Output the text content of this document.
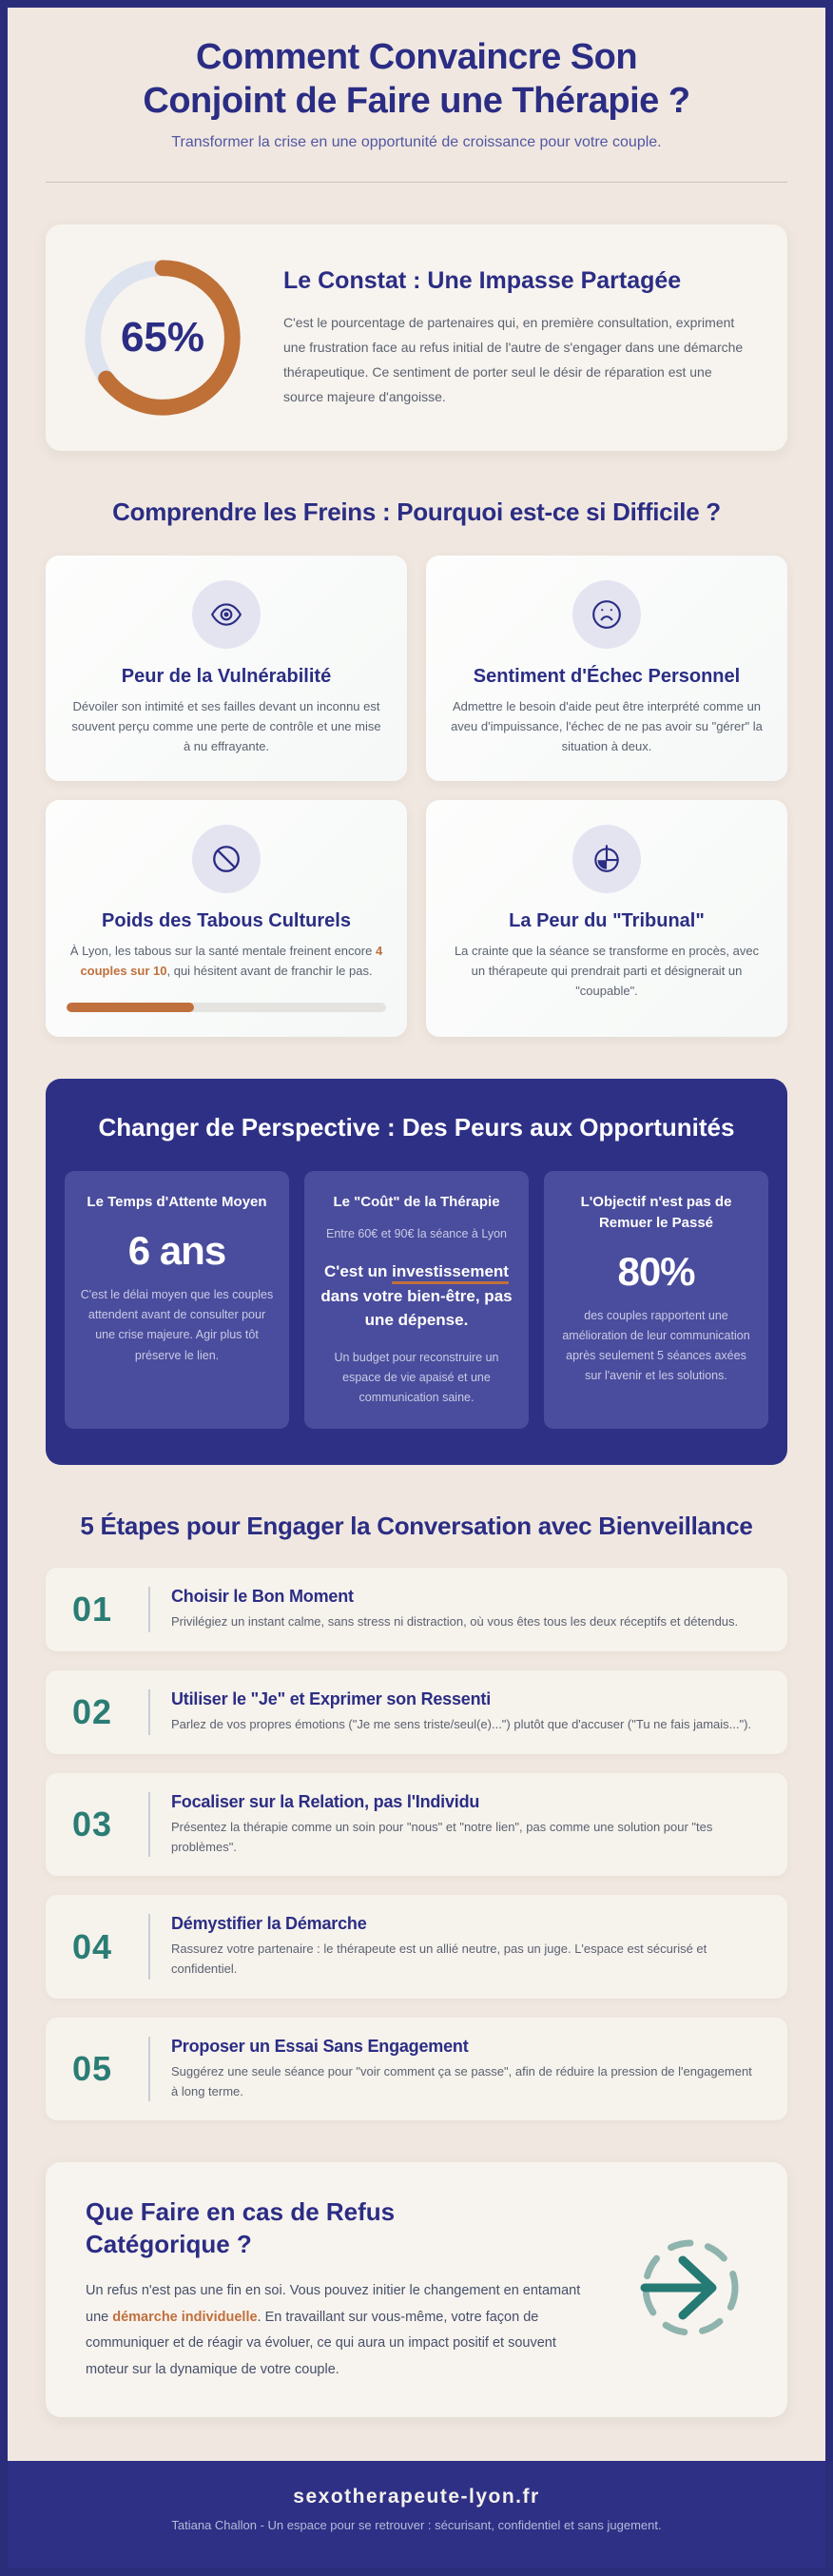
Comment Convaincre Son
Conjoint de Faire une Thérapie ?

Transformer la crise en une opportunité de croissance pour votre couple.

65%
Le Constat : Une Impasse Partagée

C'est le pourcentage de partenaires qui, en première consultation, expriment une frustration face au refus initial de l'autre de s'engager dans une démarche thérapeutique. Ce sentiment de porter seul le désir de réparation est une source majeure d'angoisse.

Comprendre les Freins : Pourquoi est-ce si Difficile ?
Peur de la Vulnérabilité

Dévoiler son intimité et ses failles devant un inconnu est souvent perçu comme une perte de contrôle et une mise à nu effrayante.

Sentiment d'Échec Personnel

Admettre le besoin d'aide peut être interprété comme un aveu d'impuissance, l'échec de ne pas avoir su "gérer" la situation à deux.

Poids des Tabous Culturels

À Lyon, les tabous sur la santé mentale freinent encore 4 couples sur 10, qui hésitent avant de franchir le pas.

La Peur du "Tribunal"

La crainte que la séance se transforme en procès, avec un thérapeute qui prendrait parti et désignerait un "coupable".

Changer de Perspective : Des Peurs aux Opportunités
Le Temps d'Attente Moyen
6 ans

C'est le délai moyen que les couples attendent avant de consulter pour une crise majeure. Agir plus tôt préserve le lien.

Le "Coût" de la Thérapie

Entre 60€ et 90€ la séance à Lyon

C'est un investissement dans votre bien-être, pas une dépense.

Un budget pour reconstruire un espace de vie apaisé et une communication saine.

L'Objectif n'est pas de Remuer le Passé
80%

des couples rapportent une amélioration de leur communication après seulement 5 séances axées sur l'avenir et les solutions.

5 Étapes pour Engager la Conversation avec Bienveillance
01	Choisir le Bon Moment
Privilégiez un instant calme, sans stress ni distraction, où vous êtes tous les deux réceptifs et détendus.
02	Utiliser le "Je" et Exprimer son Ressenti
Parlez de vos propres émotions ("Je me sens triste/seul(e)...") plutôt que d'accuser ("Tu ne fais jamais...").
03
Focaliser sur la Relation, pas l'Individu
Présentez la thérapie comme un soin pour "nous" et "notre lien", pas comme une solution pour "tes problèmes".
04
Démystifier la Démarche
Rassurez votre partenaire : le thérapeute est un allié neutre, pas un juge. L'espace est sécurisé et confidentiel.
05
Proposer un Essai Sans Engagement
Suggérez une seule séance pour "voir comment ça se passe", afin de réduire la pression de l'engagement à long terme.
Que Faire en cas de Refus
Catégorique ?

Un refus n'est pas une fin en soi. Vous pouvez initier le changement en entamant une démarche individuelle. En travaillant sur vous-même, votre façon de communiquer et de réagir va évoluer, ce qui aura un impact positif et souvent moteur sur la dynamique de votre couple.

sexotherapeute-lyon.fr
Tatiana Challon - Un espace pour se retrouver : sécurisant, confidentiel et sans jugement.
